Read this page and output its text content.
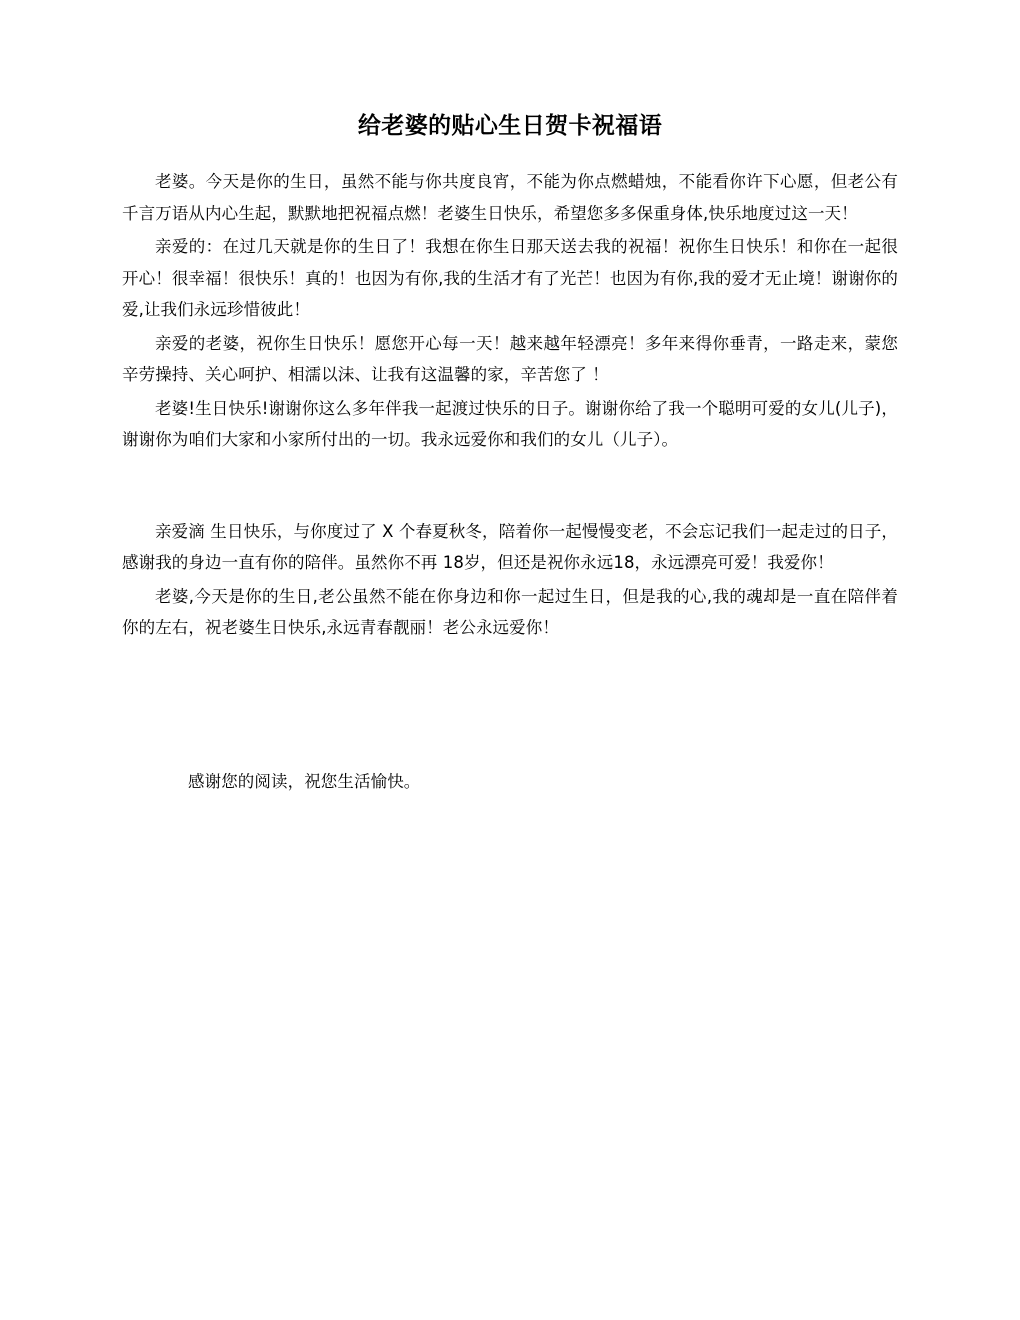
给老婆的贴心生日贺卡祝福语

老婆。今天是你的生日，虽然不能与你共度良宵，不能为你点燃蜡烛，不能看你许下心愿，但老公有千言万语从内心生起，默默地把祝福点燃！老婆生日快乐，希望您多多保重身体,快乐地度过这一天！

亲爱的：在过几天就是你的生日了！我想在你生日那天送去我的祝福！祝你生日快乐！和你在一起很开心！很幸福！很快乐！真的！也因为有你,我的生活才有了光芒！也因为有你,我的爱才无止境！谢谢你的爱,让我们永远珍惜彼此！

亲爱的老婆，祝你生日快乐！愿您开心每一天！越来越年轻漂亮！多年来得你垂青，一路走来，蒙您辛劳操持、关心呵护、相濡以沫、让我有这温馨的家，辛苦您了 ！

老婆!生日快乐!谢谢你这么多年伴我一起渡过快乐的日子。谢谢你给了我一个聪明可爱的女儿(儿子)，谢谢你为咱们大家和小家所付出的一切。我永远爱你和我们的女儿（儿子）。

亲爱滴 生日快乐，与你度过了 X 个春夏秋冬，陪着你一起慢慢变老，不会忘记我们一起走过的日子，感谢我的身边一直有你的陪伴。虽然你不再 18岁，但还是祝你永远18，永远漂亮可爱！我爱你！

老婆,今天是你的生日,老公虽然不能在你身边和你一起过生日，但是我的心,我的魂却是一直在陪伴着你的左右，祝老婆生日快乐,永远青春靓丽！老公永远爱你！

感谢您的阅读，祝您生活愉快。
